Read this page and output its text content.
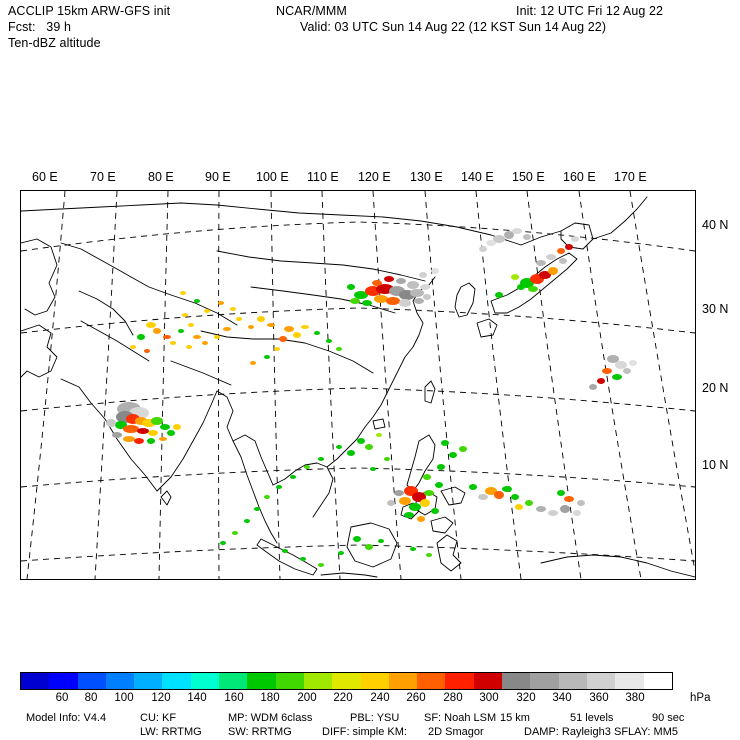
ACCLIP 15km ARW-GFS init
Fcst:   39 h
Ten-dBZ altitude
NCAR/MMM
Valid: 03 UTC Sun 14 Aug 22 (12 KST Sun 14 Aug 22)
Init: 12 UTC Fri 12 Aug 22
60 E	70 E	80 E	90 E 100 E 110 E 120 E 130 E 140 E 150 E 160 E 170 E
40 N
30 N
20 N
10 N
60 80 100 120 140 160 180 200 220 240 260 280 300 320 340 360 380	hPa
Model Info: V4.4	CU: KF	MP: WDM 6class	PBL: YSU SF: Noah LSM 15 km	51 levels	90 sec
LW: RRTMG SW: RRTMG	DIFF: simple KM: 2D Smagor	DAMP: Rayleigh3 SFLAY: MM5
